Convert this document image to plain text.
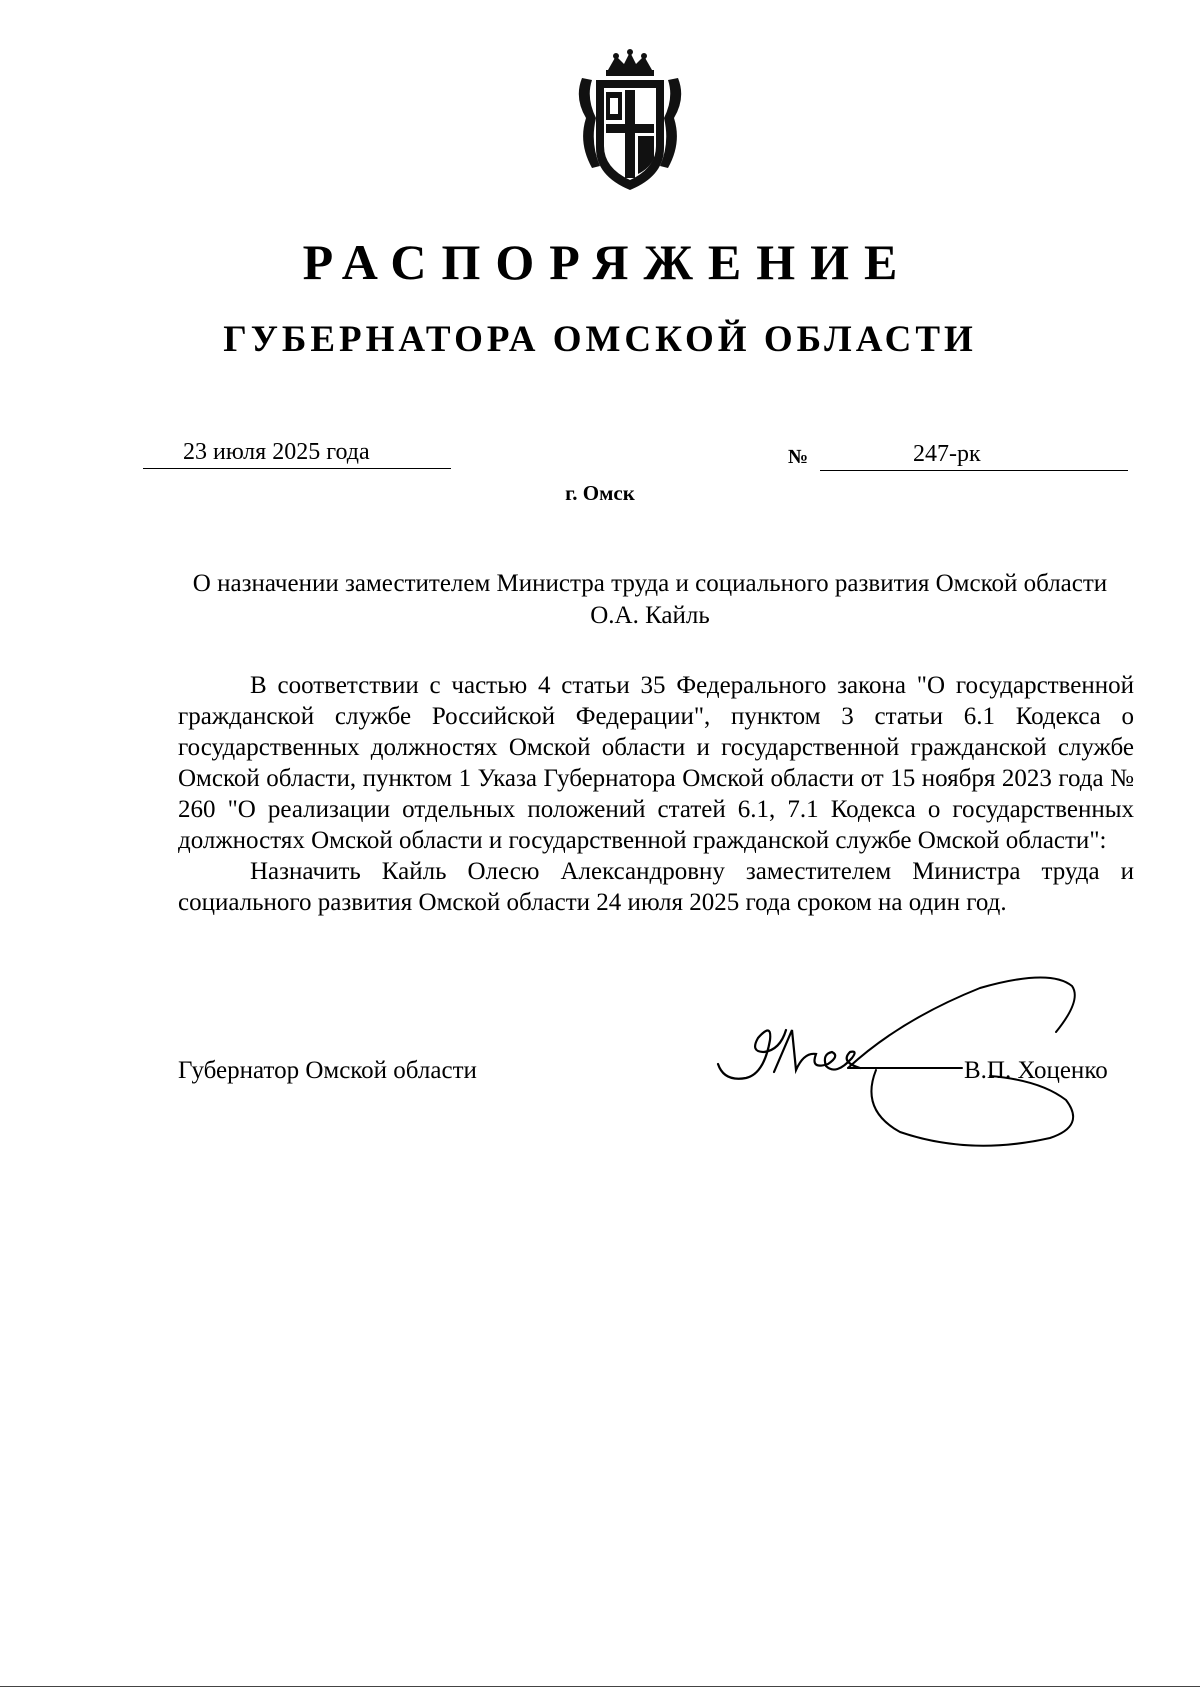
РАСПОРЯЖЕНИЕ
ГУБЕРНАТОРА ОМСКОЙ ОБЛАСТИ
23 июля 2025 года	№	247-рк
г. Омск
О назначении заместителем Министра труда и социального развития Омской области О.А. Кайль

В соответствии с частью 4 статьи 35 Федерального закона "О государственной гражданской службе Российской Федерации", пунктом 3 статьи 6.1 Кодекса о государственных должностях Омской области и государственной гражданской службе Омской области, пунктом 1 Указа Губернатора Омской области от 15 ноября 2023 года № 260 "О реализации отдельных положений статей 6.1, 7.1 Кодекса о государственных должностях Омской области и государственной гражданской службе Омской области":

Назначить Кайль Олесю Александровну заместителем Министра труда и социального развития Омской области 24 июля 2025 года сроком на один год.

Губернатор Омской области	В.П. Хоценко
